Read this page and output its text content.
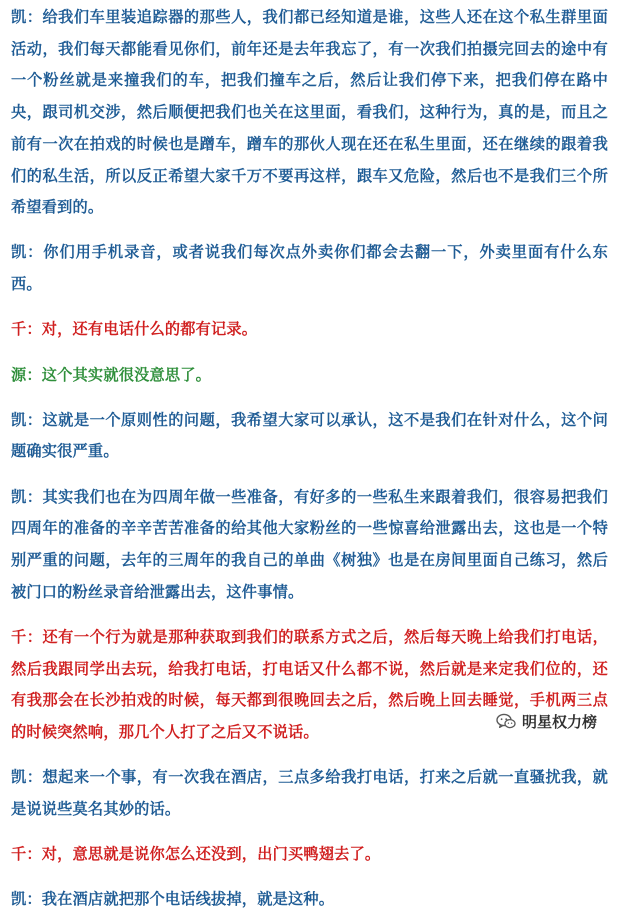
凯：给我们车里装追踪器的那些人，我们都已经知道是谁，这些人还在这个私生群里面活动，我们每天都能看见你们，前年还是去年我忘了，有一次我们拍摄完回去的途中有一个粉丝就是来撞我们的车，把我们撞车之后，然后让我们停下来，把我们停在路中央，跟司机交涉，然后顺便把我们也关在这里面，看我们，这种行为，真的是，而且之前有一次在拍戏的时候也是蹭车，蹭车的那伙人现在还在私生里面，还在继续的跟着我们的私生活，所以反正希望大家千万不要再这样，跟车又危险，然后也不是我们三个所希望看到的。

凯：你们用手机录音，或者说我们每次点外卖你们都会去翻一下，外卖里面有什么东西。

千：对，还有电话什么的都有记录。

源：这个其实就很没意思了。

凯：这就是一个原则性的问题，我希望大家可以承认，这不是我们在针对什么，这个问题确实很严重。

凯：其实我们也在为四周年做一些准备，有好多的一些私生来跟着我们，很容易把我们四周年的准备的辛辛苦苦准备的给其他大家粉丝的一些惊喜给泄露出去，这也是一个特别严重的问题，去年的三周年的我自己的单曲《树独》也是在房间里面自己练习，然后被门口的粉丝录音给泄露出去，这件事情。

千：还有一个行为就是那种获取到我们的联系方式之后，然后每天晚上给我们打电话，然后我跟同学出去玩，给我打电话，打电话又什么都不说，然后就是来定我们位的，还有我那会在长沙拍戏的时候，每天都到很晚回去之后，然后晚上回去睡觉，手机两三点的时候突然响，那几个人打了之后又不说话。

凯：想起来一个事，有一次我在酒店，三点多给我打电话，打来之后就一直骚扰我，就是说说些莫名其妙的话。

千：对，意思就是说你怎么还没到，出门买鸭翅去了。

凯：我在酒店就把那个电话线拔掉，就是这种。

明星权力榜
